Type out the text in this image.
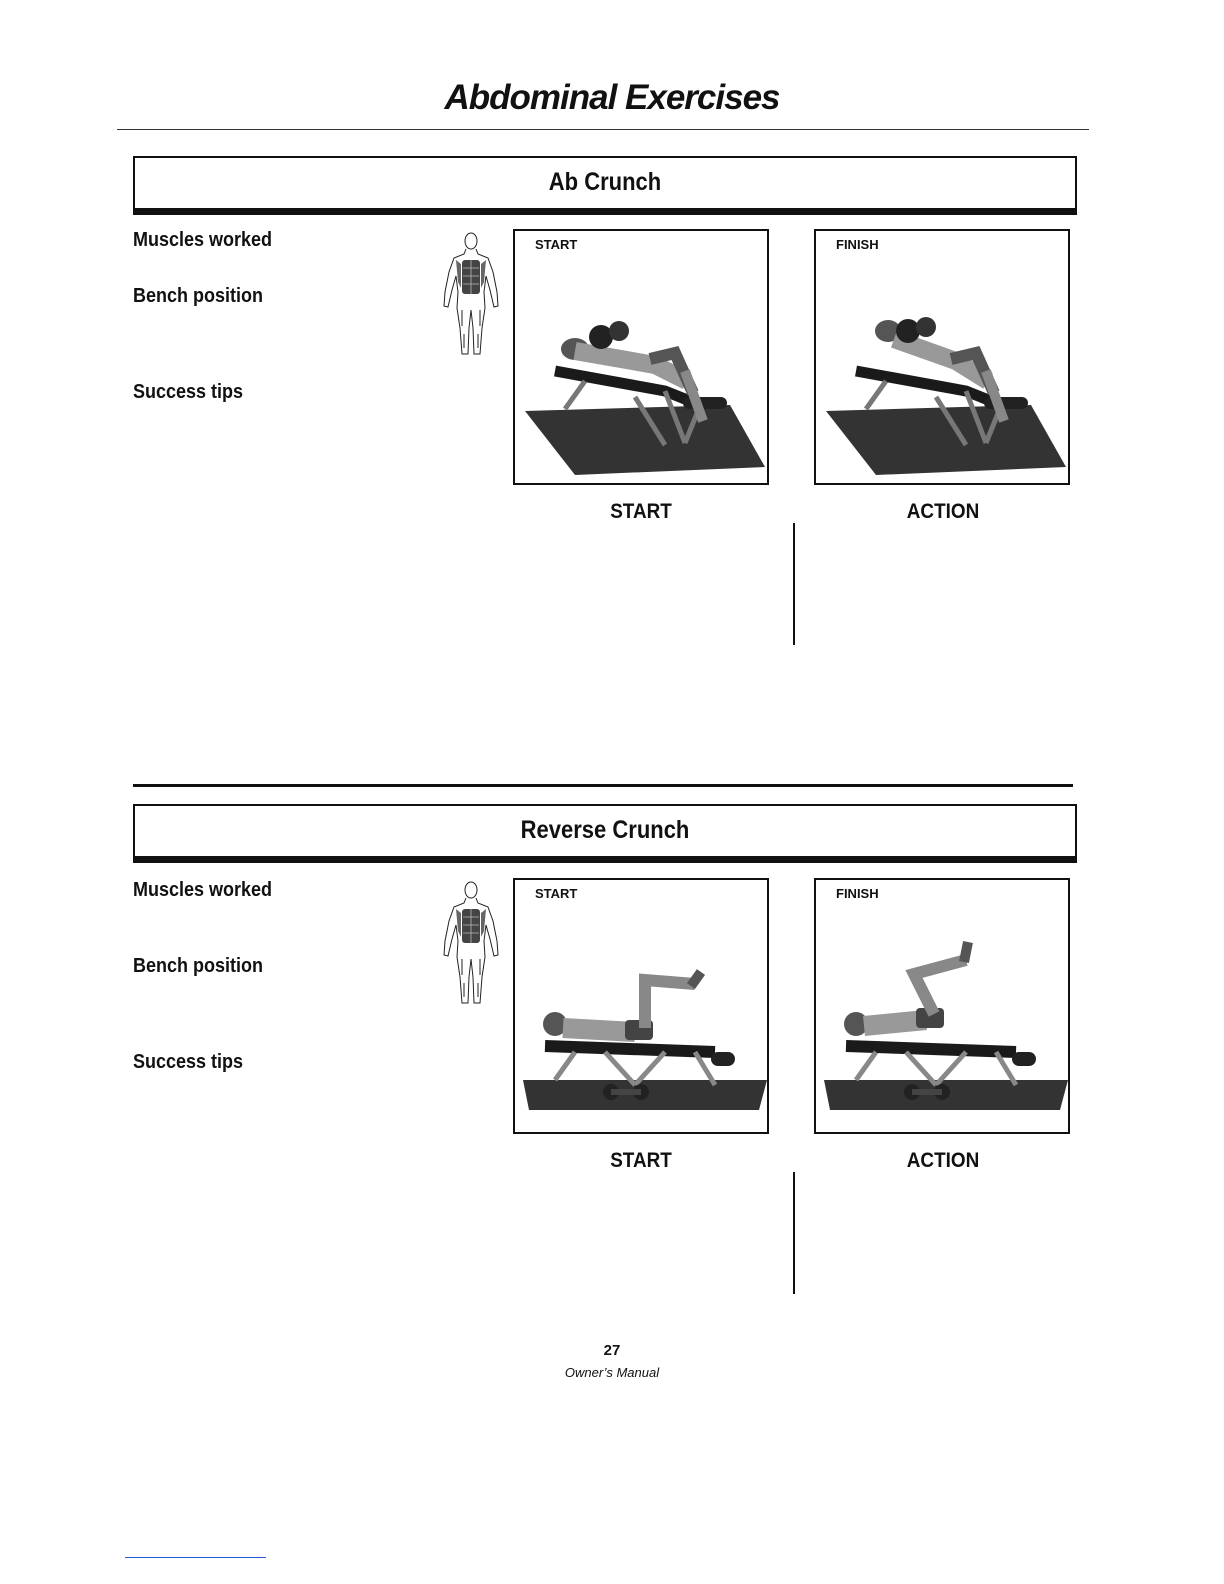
Abdominal Exercises
Ab Crunch
Muscles worked
Bench position
Success tips
START	FINISH
START	ACTION
Reverse Crunch
Muscles worked
Bench position
Success tips
START	FINISH
START	ACTION
27
Owner’s Manual
